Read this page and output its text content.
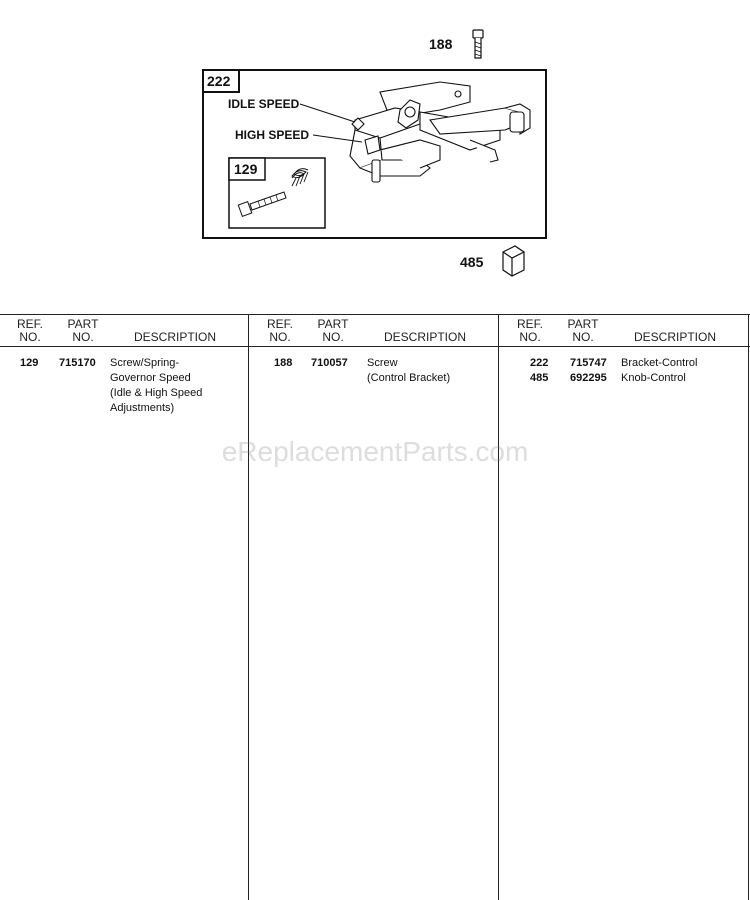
188
222
129
IDLE SPEED
HIGH SPEED
485
REF.
NO.
PART
NO.	DESCRIPTION
129 715170 Screw/Spring-
Governor Speed
(Idle & High Speed
Adjustments)
REF.
NO.
PART
NO.	DESCRIPTION
188 710057 Screw
(Control Bracket)
REF.
NO.
PART
NO.	DESCRIPTION
222 715747 Bracket-Control
485 692295 Knob-Control
eReplacementParts.com
